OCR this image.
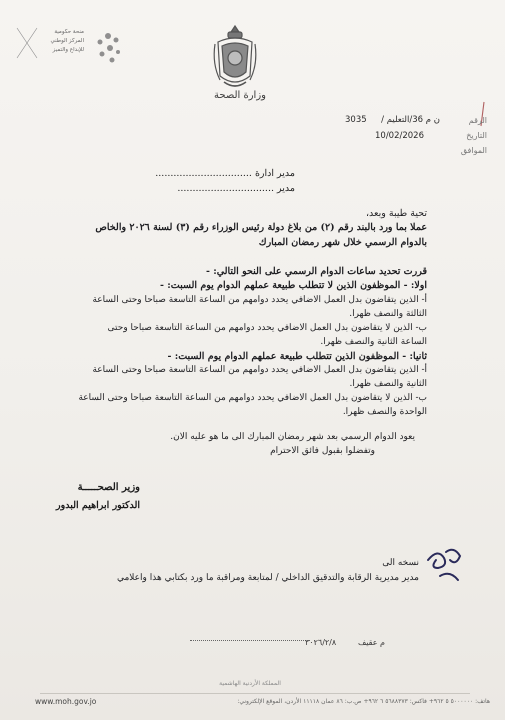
منحة حكومية
المركز الوطني
للإبداع والتميز
وزارة الصحة
الرقم
التاريخ
الموافق
ن م 36/التعليم /
3035
10/02/2026
مدير ادارة ................................
مدير ................................
تحية طيبة وبعد،
عملا بما ورد بالبند رقم (٢) من بلاغ دولة رئيس الوزراء رقم (٣) لسنة ٢٠٢٦ والخاص
بالدوام الرسمي خلال شهر رمضان المبارك
قررت تحديد ساعات الدوام الرسمي على النحو التالي: -
اولا: - الموظفون الذين لا تتطلب طبيعة عملهم الدوام يوم السبت: -
أ- الذين يتقاضون بدل العمل الاضافي يحدد دوامهم من الساعة التاسعة صباحا وحتى الساعة
الثالثة والنصف ظهرا.
ب- الذين لا يتقاضون بدل العمل الاضافي يحدد دوامهم من الساعة التاسعة صباحا وحتى
الساعة الثانية والنصف ظهرا.
ثانيا: - الموظفون الذين تتطلب طبيعة عملهم الدوام يوم السبت: -
أ- الذين يتقاضون بدل العمل الاضافي يحدد دوامهم من الساعة التاسعة صباحا وحتى الساعة
الثانية والنصف ظهرا.
ب- الذين لا يتقاضون بدل العمل الاضافي يحدد دوامهم من الساعة التاسعة صباحا وحتى الساعة
الواحدة والنصف ظهرا.
يعود الدوام الرسمي بعد شهر رمضان المبارك الى ما هو عليه الان.
وتفضلوا بقبول فائق الاحترام
وزير الصحـــــة
الدكتور ابراهيم البدور
نسخه الى
مدير مديرية الرقابة والتدقيق الداخلي / لمتابعة ومراقبة ما ورد بكتابي هذا واعلامي
م عقيف
٢٠٢٦/٢/٨
المملكة الأردنية الهاشمية
هاتف: ٥٠٠٠٠٠٠ ٥ ٩٦٢+ فاكس: ٥٦٨٨٣٧٣ ٦ ٩٦٢+ ص.ب: ٨٦ عمان ١١١١٨ الأردن، الموقع الإلكتروني:
www.moh.gov.jo
